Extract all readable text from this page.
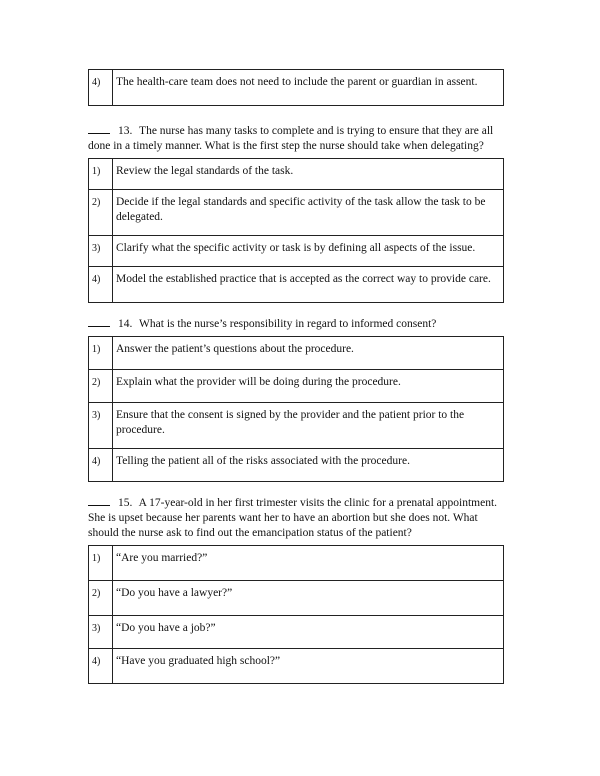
4)	The health-care team does not need to include the parent or guardian in assent.

13. The nurse has many tasks to complete and is trying to ensure that they are all done in a timely manner. What is the first step the nurse should take when delegating?

1)	Review the legal standards of the task.
2)	Decide if the legal standards and specific activity of the task allow the task to be delegated.
3)	Clarify what the specific activity or task is by defining all aspects of the issue.
4)	Model the established practice that is accepted as the correct way to provide care.

14. What is the nurse’s responsibility in regard to informed consent?

1)	Answer the patient’s questions about the procedure.
2)	Explain what the provider will be doing during the procedure.
3)	Ensure that the consent is signed by the provider and the patient prior to the procedure.
4)	Telling the patient all of the risks associated with the procedure.

15. A 17-year-old in her first trimester visits the clinic for a prenatal appointment. She is upset because her parents want her to have an abortion but she does not. What should the nurse ask to find out the emancipation status of the patient?

1)	“Are you married?”
2)	“Do you have a lawyer?”
3)	“Do you have a job?”
4)	“Have you graduated high school?”
